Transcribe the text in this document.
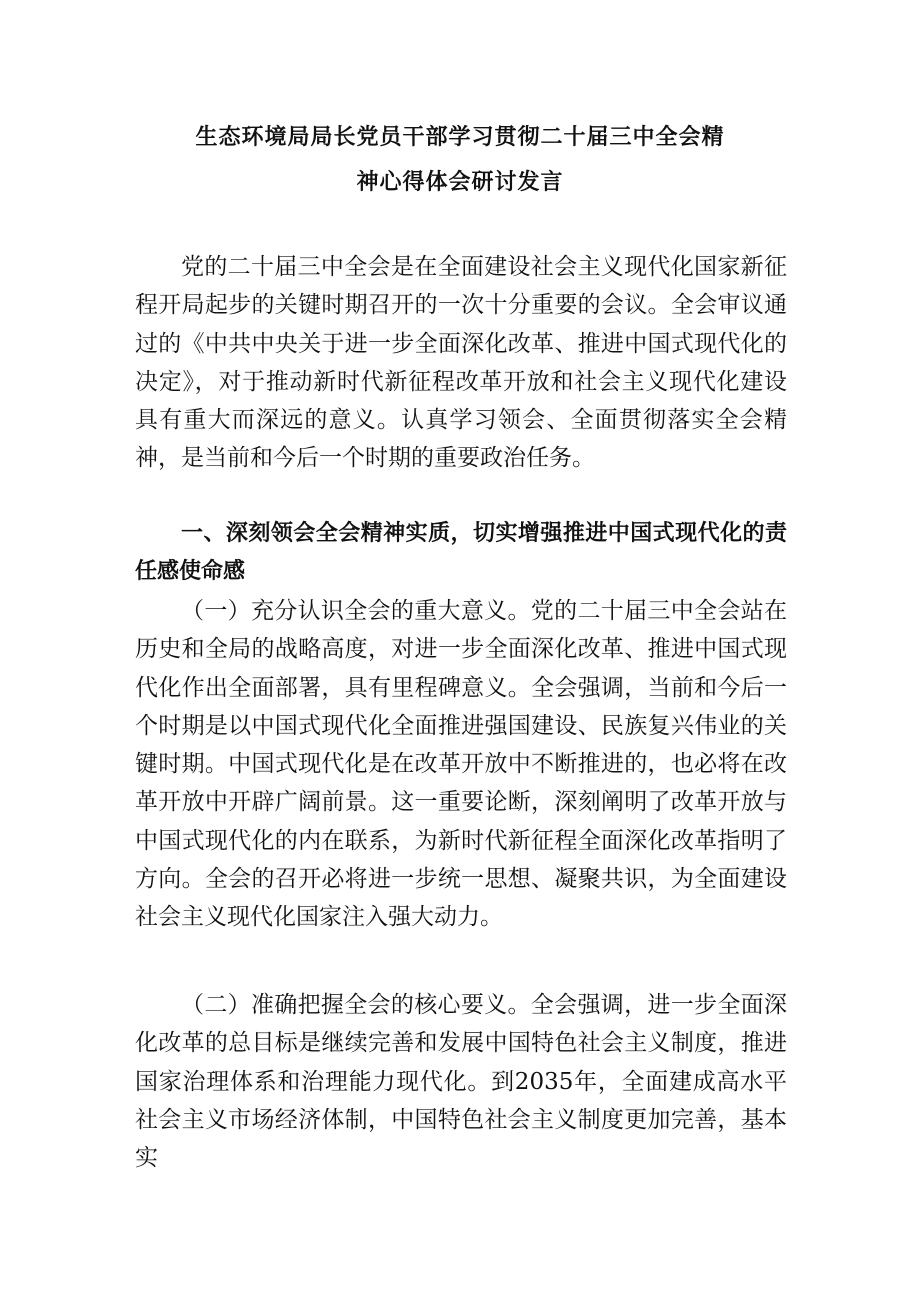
生态环境局局长党员干部学习贯彻二十届三中全会精
神心得体会研讨发言

党的二十届三中全会是在全面建设社会主义现代化国家新征程开局起步的关键时期召开的一次十分重要的会议。全会审议通过的《中共中央关于进一步全面深化改革、推进中国式现代化的决定》，对于推动新时代新征程改革开放和社会主义现代化建设具有重大而深远的意义。认真学习领会、全面贯彻落实全会精神，是当前和今后一个时期的重要政治任务。

一、深刻领会全会精神实质，切实增强推进中国式现代化的责任感使命感

（一）充分认识全会的重大意义。党的二十届三中全会站在历史和全局的战略高度，对进一步全面深化改革、推进中国式现代化作出全面部署，具有里程碑意义。全会强调，当前和今后一个时期是以中国式现代化全面推进强国建设、民族复兴伟业的关键时期。中国式现代化是在改革开放中不断推进的，也必将在改革开放中开辟广阔前景。这一重要论断，深刻阐明了改革开放与中国式现代化的内在联系，为新时代新征程全面深化改革指明了方向。全会的召开必将进一步统一思想、凝聚共识，为全面建设社会主义现代化国家注入强大动力。

（二）准确把握全会的核心要义。全会强调，进一步全面深化改革的总目标是继续完善和发展中国特色社会主义制度，推进国家治理体系和治理能力现代化。到2035年，全面建成高水平社会主义市场经济体制，中国特色社会主义制度更加完善，基本实
